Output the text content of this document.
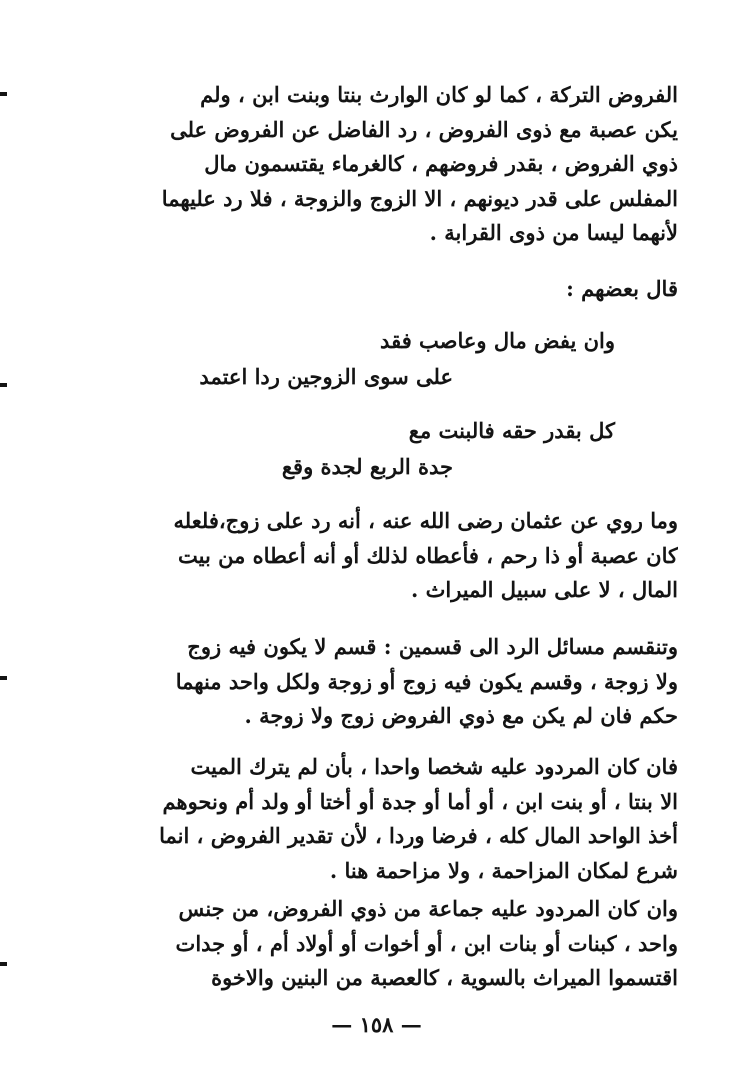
الفروض التركة ، كما لو كان الوارث بنتا وبنت ابن ، ولم
يكن عصبة مع ذوى الفروض ، رد الفاضل عن الفروض على
ذوي الفروض ، بقدر فروضهم ، كالغرماء يقتسمون مال
المفلس على قدر ديونهم ، الا الزوج والزوجة ، فلا رد عليهما
لأنهما ليسا من ذوى القرابة .
قال بعضهم :
وان يفض مال وعاصب فقد
على سوى الزوجين ردا اعتمد
كل بقدر حقه فالبنت مع
جدة الربع لجدة وقع
وما روي عن عثمان رضى الله عنه ، أنه رد على زوج،فلعله
كان عصبة أو ذا رحم ، فأعطاه لذلك أو أنه أعطاه من بيت
المال ، لا على سبيل الميراث .
وتنقسم مسائل الرد الى قسمين : قسم لا يكون فيه زوج
ولا زوجة ، وقسم يكون فيه زوج أو زوجة ولكل واحد منهما
حكم فان لم يكن مع ذوي الفروض زوج ولا زوجة .
فان كان المردود عليه شخصا واحدا ، بأن لم يترك الميت
الا بنتا ، أو بنت ابن ، أو أما أو جدة أو أختا أو ولد أم ونحوهم
أخذ الواحد المال كله ، فرضا وردا ، لأن تقدير الفروض ، انما
شرع لمكان المزاحمة ، ولا مزاحمة هنا .
وان كان المردود عليه جماعة من ذوي الفروض، من جنس
واحد ، كبنات أو بنات ابن ، أو أخوات أو أولاد أم ، أو جدات
اقتسموا الميراث بالسوية ، كالعصبة من البنين والاخوة
— ١٥٨ —
